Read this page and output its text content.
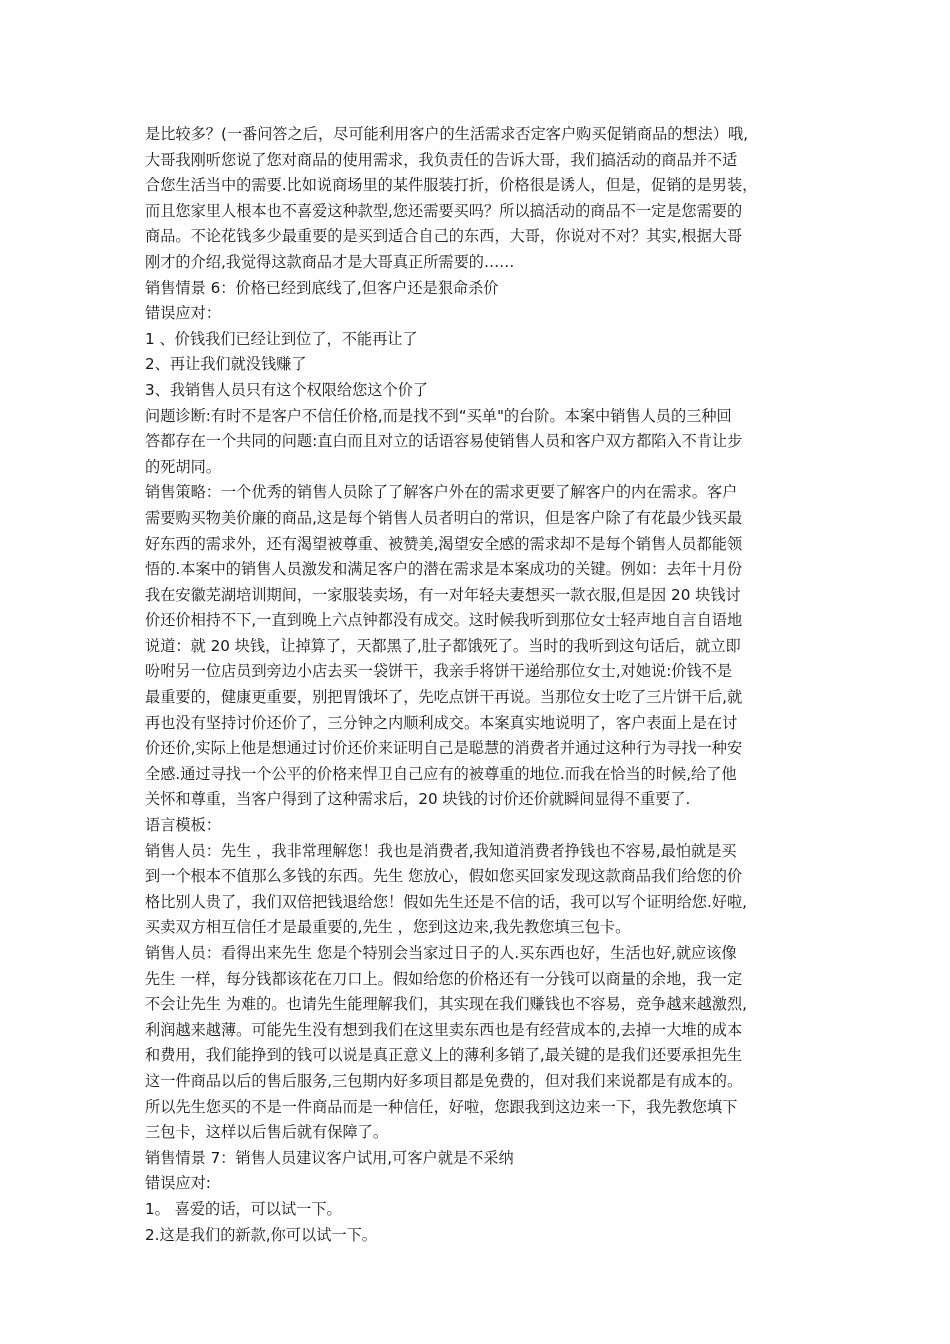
是比较多？(一番问答之后，尽可能利用客户的生活需求否定客户购买促销商品的想法）哦,
大哥我刚听您说了您对商品的使用需求，我负责任的告诉大哥，我们搞活动的商品并不适
合您生活当中的需要.比如说商场里的某件服装打折，价格很是诱人，但是，促销的是男装，
而且您家里人根本也不喜爱这种款型,您还需要买吗？所以搞活动的商品不一定是您需要的
商品。不论花钱多少最重要的是买到适合自己的东西，大哥，你说对不对？其实,根据大哥
刚才的介绍,我觉得这款商品才是大哥真正所需要的……
销售情景 6：价格已经到底线了,但客户还是狠命杀价
错误应对：
1 、价钱我们已经让到位了，不能再让了
2、再让我们就没钱赚了
3、我销售人员只有这个权限给您这个价了
问题诊断:有时不是客户不信任价格,而是找不到“买单"的台阶。本案中销售人员的三种回
答都存在一个共同的问题:直白而且对立的话语容易使销售人员和客户双方都陷入不肯让步
的死胡同。
销售策略：一个优秀的销售人员除了了解客户外在的需求更要了解客户的内在需求。客户
需要购买物美价廉的商品,这是每个销售人员者明白的常识，但是客户除了有花最少钱买最
好东西的需求外，还有渴望被尊重、被赞美,渴望安全感的需求却不是每个销售人员都能领
悟的.本案中的销售人员激发和满足客户的潜在需求是本案成功的关键。例如：去年十月份
我在安徽芜湖培训期间，一家服装卖场，有一对年轻夫妻想买一款衣服,但是因 20 块钱讨
价还价相持不下,一直到晚上六点钟都没有成交。这时候我听到那位女士轻声地自言自语地
说道：就 20 块钱，让掉算了，天都黑了,肚子都饿死了。当时的我听到这句话后，就立即
吩咐另一位店员到旁边小店去买一袋饼干，我亲手将饼干递给那位女士,对她说:价钱不是
最重要的，健康更重要，别把胃饿坏了，先吃点饼干再说。当那位女士吃了三片饼干后,就
再也没有坚持讨价还价了，三分钟之内顺利成交。本案真实地说明了，客户表面上是在讨
价还价,实际上他是想通过讨价还价来证明自己是聪慧的消费者并通过这种行为寻找一种安
全感.通过寻找一个公平的价格来悍卫自己应有的被尊重的地位.而我在恰当的时候,给了他
关怀和尊重，当客户得到了这种需求后，20 块钱的讨价还价就瞬间显得不重要了.
语言模板：
销售人员：先生 ，我非常理解您！我也是消费者,我知道消费者挣钱也不容易,最怕就是买
到一个根本不值那么多钱的东西。先生 您放心，假如您买回家发现这款商品我们给您的价
格比别人贵了，我们双倍把钱退给您！假如先生还是不信的话，我可以写个证明给您.好啦,
买卖双方相互信任才是最重要的,先生 ，您到这边来,我先教您填三包卡。
销售人员：看得出来先生 您是个特别会当家过日子的人.买东西也好，生活也好,就应该像
先生 一样，每分钱都该花在刀口上。假如给您的价格还有一分钱可以商量的余地，我一定
不会让先生 为难的。也请先生能理解我们，其实现在我们赚钱也不容易，竞争越来越激烈,
利润越来越薄。可能先生没有想到我们在这里卖东西也是有经营成本的,去掉一大堆的成本
和费用，我们能挣到的钱可以说是真正意义上的薄利多销了,最关键的是我们还要承担先生
这一件商品以后的售后服务,三包期内好多项目都是免费的，但对我们来说都是有成本的。
所以先生您买的不是一件商品而是一种信任，好啦，您跟我到这边来一下，我先教您填下
三包卡，这样以后售后就有保障了。
销售情景 7：销售人员建议客户试用,可客户就是不采纳
错误应对:
1。 喜爱的话，可以试一下。
2.这是我们的新款,你可以试一下。
